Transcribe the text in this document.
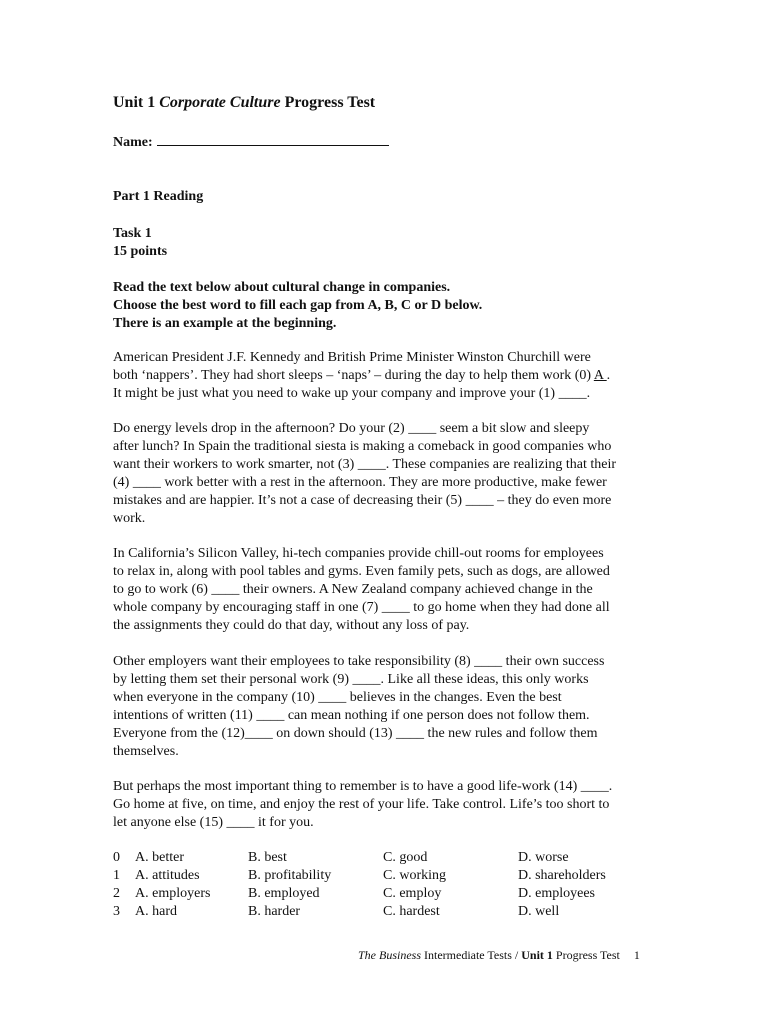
Unit 1 Corporate Culture Progress Test
Name:
Part 1 Reading
Task 1
15 points
Read the text below about cultural change in companies.
Choose the best word to fill each gap from A, B, C or D below.
There is an example at the beginning.
American President J.F. Kennedy and British Prime Minister Winston Churchill were
both ‘nappers’. They had short sleeps – ‘naps’ – during the day to help them work (0) A .
It might be just what you need to wake up your company and improve your (1) ____.
Do energy levels drop in the afternoon? Do your (2) ____ seem a bit slow and sleepy
after lunch? In Spain the traditional siesta is making a comeback in good companies who
want their workers to work smarter, not (3) ____. These companies are realizing that their
(4) ____ work better with a rest in the afternoon. They are more productive, make fewer
mistakes and are happier. It’s not a case of decreasing their (5) ____ – they do even more
work.
In California’s Silicon Valley, hi-tech companies provide chill-out rooms for employees
to relax in, along with pool tables and gyms. Even family pets, such as dogs, are allowed
to go to work (6) ____ their owners. A New Zealand company achieved change in the
whole company by encouraging staff in one (7) ____ to go home when they had done all
the assignments they could do that day, without any loss of pay.
Other employers want their employees to take responsibility (8) ____ their own success
by letting them set their personal work (9) ____. Like all these ideas, this only works
when everyone in the company (10) ____ believes in the changes. Even the best
intentions of written (11) ____ can mean nothing if one person does not follow them.
Everyone from the (12)____ on down should (13) ____ the new rules and follow them
themselves.
But perhaps the most important thing to remember is to have a good life-work (14) ____.
Go home at five, on time, and enjoy the rest of your life. Take control. Life’s too short to
let anyone else (15) ____ it for you.
0 A. better	B. best	C. good	D. worse
1 A. attitudes	B. profitability	C. working	D. shareholders
2 A. employers	B. employed	C. employ	D. employees
3 A. hard	B. harder	C. hardest	D. well
The Business Intermediate Tests / Unit 1 Progress Test 1
